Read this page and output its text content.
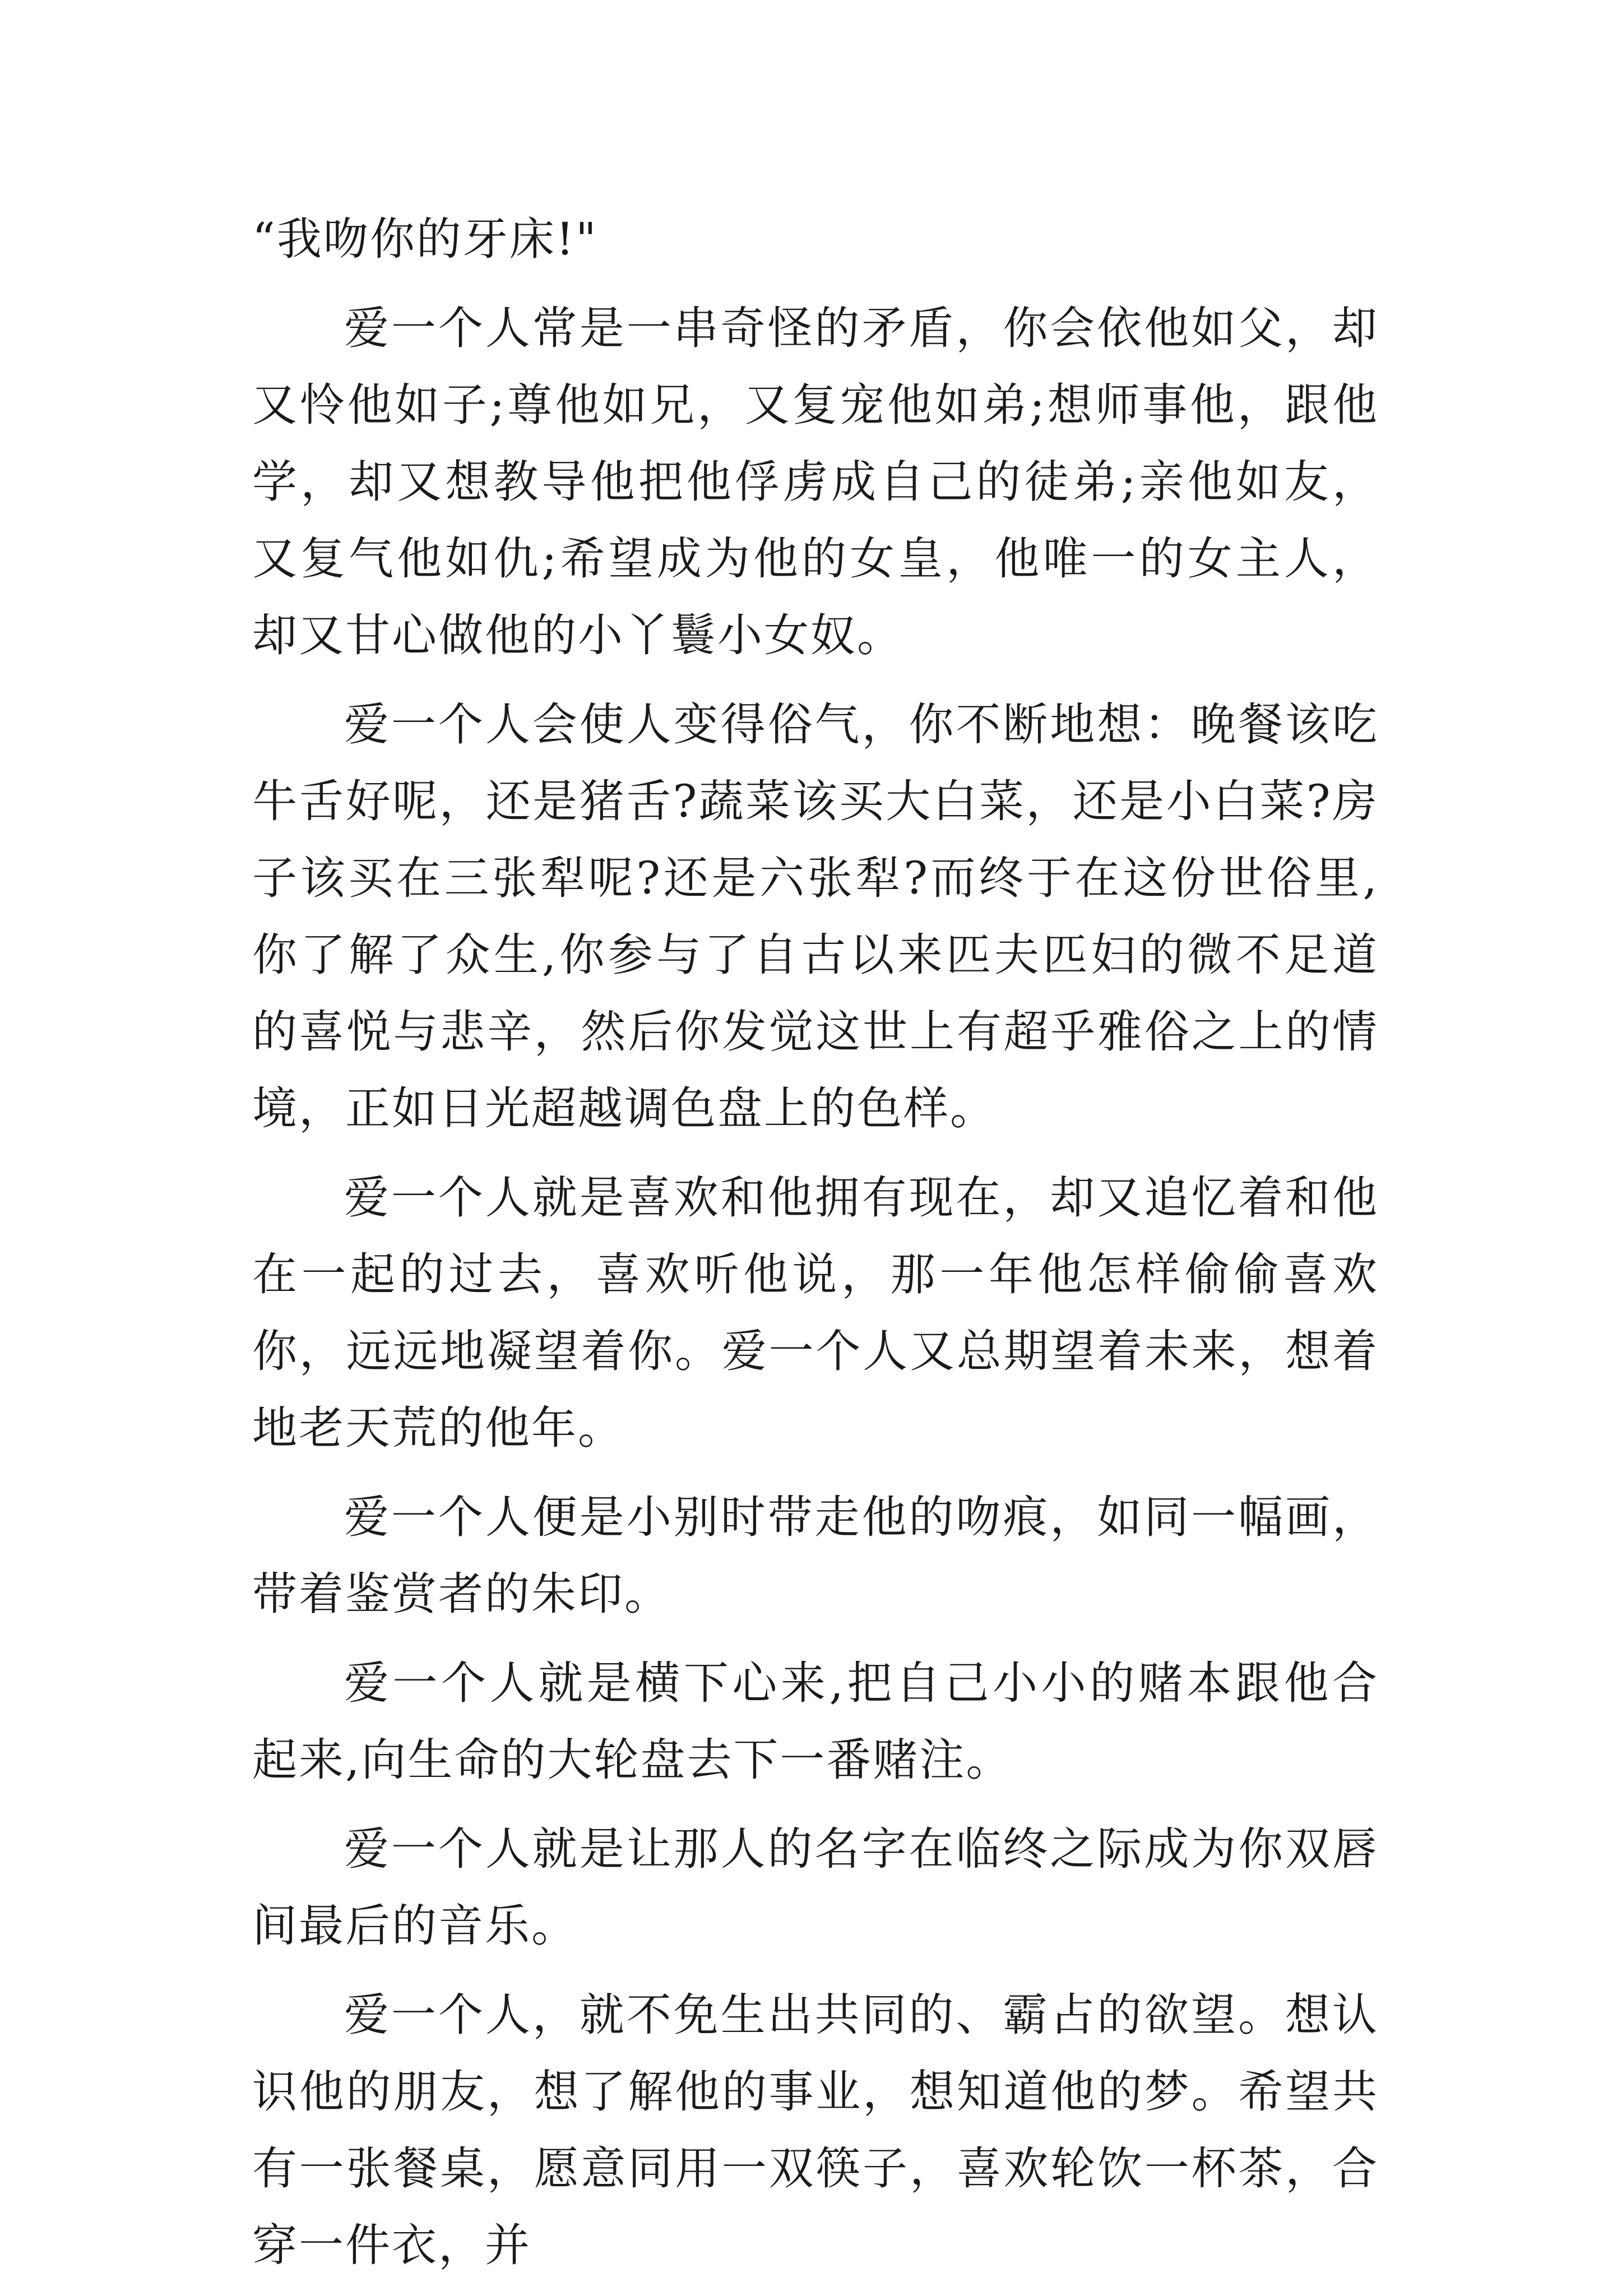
“我吻你的牙床!"

爱一个人常是一串奇怪的矛盾，你会依他如父，却又怜他如子;尊他如兄，又复宠他如弟;想师事他，跟他学，却又想教导他把他俘虏成自己的徒弟;亲他如友，又复气他如仇;希望成为他的女皇，他唯一的女主人，却又甘心做他的小丫鬟小女奴。

爱一个人会使人变得俗气，你不断地想：晚餐该吃牛舌好呢，还是猪舌?蔬菜该买大白菜，还是小白菜?房子该买在三张犁呢?还是六张犁?而终于在这份世俗里,你了解了众生,你参与了自古以来匹夫匹妇的微不足道的喜悦与悲辛，然后你发觉这世上有超乎雅俗之上的情境，正如日光超越调色盘上的色样。

爱一个人就是喜欢和他拥有现在，却又追忆着和他在一起的过去，喜欢听他说，那一年他怎样偷偷喜欢你，远远地凝望着你。爱一个人又总期望着未来，想着地老天荒的他年。

爱一个人便是小别时带走他的吻痕，如同一幅画，带着鉴赏者的朱印。

爱一个人就是横下心来,把自己小小的赌本跟他合起来,向生命的大轮盘去下一番赌注。

爱一个人就是让那人的名字在临终之际成为你双唇间最后的音乐。

爱一个人，就不免生出共同的、霸占的欲望。想认识他的朋友，想了解他的事业，想知道他的梦。希望共有一张餐桌，愿意同用一双筷子，喜欢轮饮一杯茶，合穿一件衣，并
